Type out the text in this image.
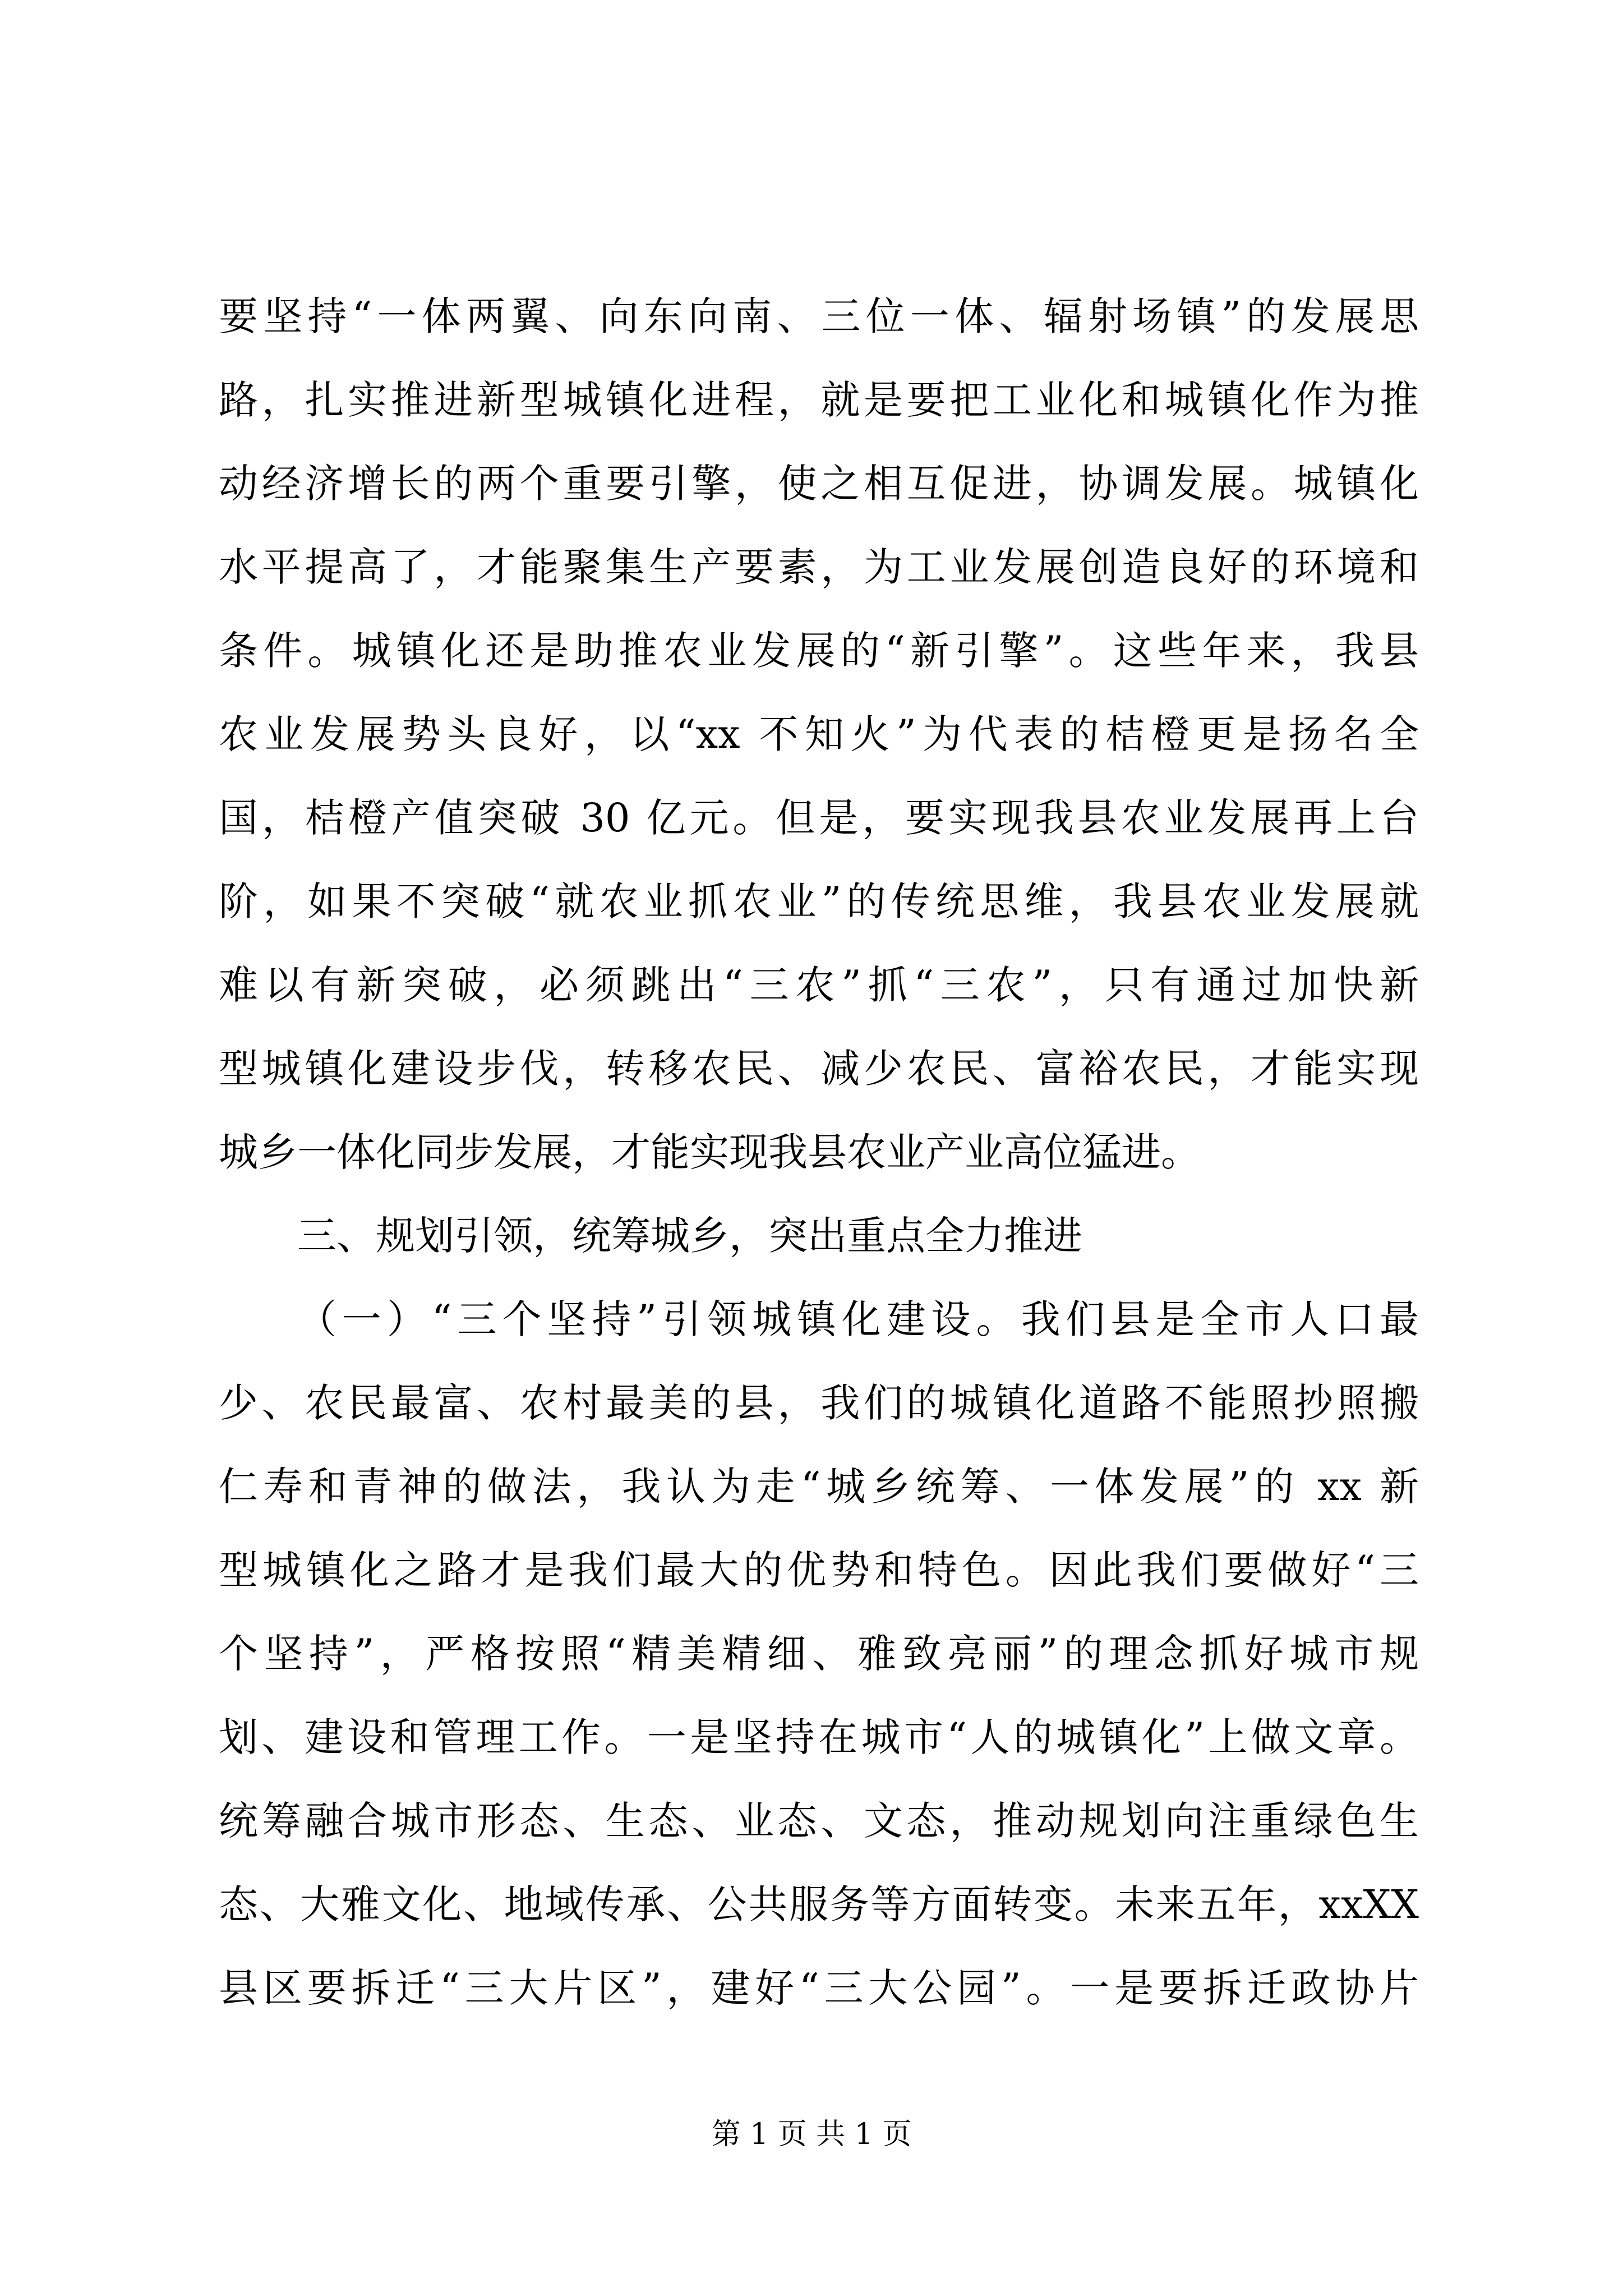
要坚持“一体两翼、向东向南、三位一体、辐射场镇”的发展思
路，扎实推进新型城镇化进程，就是要把工业化和城镇化作为推
动经济增长的两个重要引擎，使之相互促进，协调发展。城镇化
水平提高了，才能聚集生产要素，为工业发展创造良好的环境和
条件。城镇化还是助推农业发展的“新引擎”。这些年来，我县
农业发展势头良好，以“xx 不知火”为代表的桔橙更是扬名全
国，桔橙产值突破 30 亿元。但是，要实现我县农业发展再上台
阶，如果不突破“就农业抓农业”的传统思维，我县农业发展就
难以有新突破，必须跳出“三农”抓“三农”，只有通过加快新
型城镇化建设步伐，转移农民、减少农民、富裕农民，才能实现
城乡一体化同步发展，才能实现我县农业产业高位猛进。
三、规划引领，统筹城乡，突出重点全力推进
（一）“三个坚持”引领城镇化建设。我们县是全市人口最
少、农民最富、农村最美的县，我们的城镇化道路不能照抄照搬
仁寿和青神的做法，我认为走“城乡统筹、一体发展”的 xx 新
型城镇化之路才是我们最大的优势和特色。因此我们要做好“三
个坚持”，严格按照“精美精细、雅致亮丽”的理念抓好城市规
划、建设和管理工作。一是坚持在城市“人的城镇化”上做文章。
统筹融合城市形态、生态、业态、文态，推动规划向注重绿色生
态、大雅文化、地域传承、公共服务等方面转变。未来五年，xxXX
县区要拆迁“三大片区”，建好“三大公园”。一是要拆迁政协片
第 1 页 共 1 页
